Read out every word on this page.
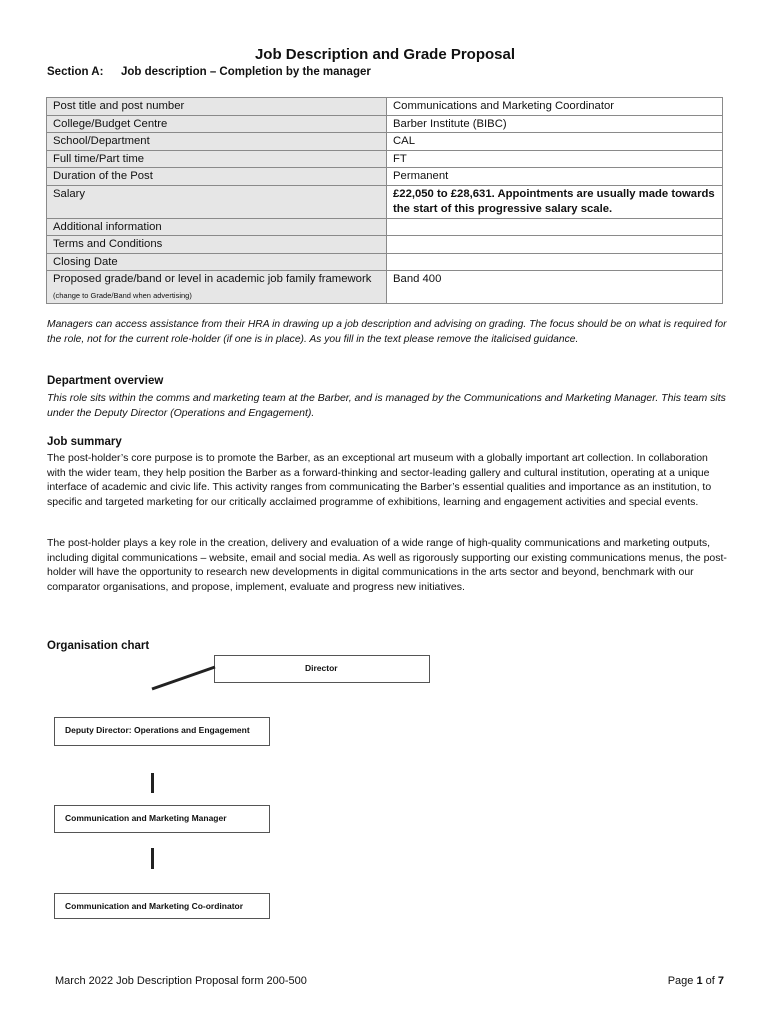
Job Description and Grade Proposal
Section A: Job description – Completion by the manager
Post title and post number	Communications and Marketing Coordinator
College/Budget Centre	Barber Institute (BIBC)
School/Department	CAL
Full time/Part time	FT
Duration of the Post	Permanent
Salary	£22,050 to £28,631. Appointments are usually made towards the start of this progressive salary scale.
Additional information	
Terms and Conditions	
Closing Date	
Proposed grade/band or level in academic job family framework (change to Grade/Band when advertising)	Band 400
Managers can access assistance from their HRA in drawing up a job description and advising on grading. The focus should be on what is required for the role, not for the current role-holder (if one is in place). As you fill in the text please remove the italicised guidance.
Department overview
This role sits within the comms and marketing team at the Barber, and is managed by the Communications and Marketing Manager. This team sits under the Deputy Director (Operations and Engagement).
Job summary
The post-holder’s core purpose is to promote the Barber, as an exceptional art museum with a globally important art collection. In collaboration with the wider team, they help position the Barber as a forward-thinking and sector-leading gallery and cultural institution, operating at a unique interface of academic and civic life. This activity ranges from communicating the Barber’s essential qualities and importance as an institution, to specific and targeted marketing for our critically acclaimed programme of exhibitions, learning and engagement activities and special events.
The post-holder plays a key role in the creation, delivery and evaluation of a wide range of high-quality communications and marketing outputs, including digital communications – website, email and social media. As well as rigorously supporting our existing communications menus, the post-holder will have the opportunity to research new developments in digital communications in the arts sector and beyond, benchmark with our comparator organisations, and propose, implement, evaluate and progress new initiatives.
Organisation chart
Director
Deputy Director: Operations and Engagement
Communication and Marketing Manager
Communication and Marketing Co-ordinator
March 2022 Job Description Proposal form 200-500	Page 1 of 7
